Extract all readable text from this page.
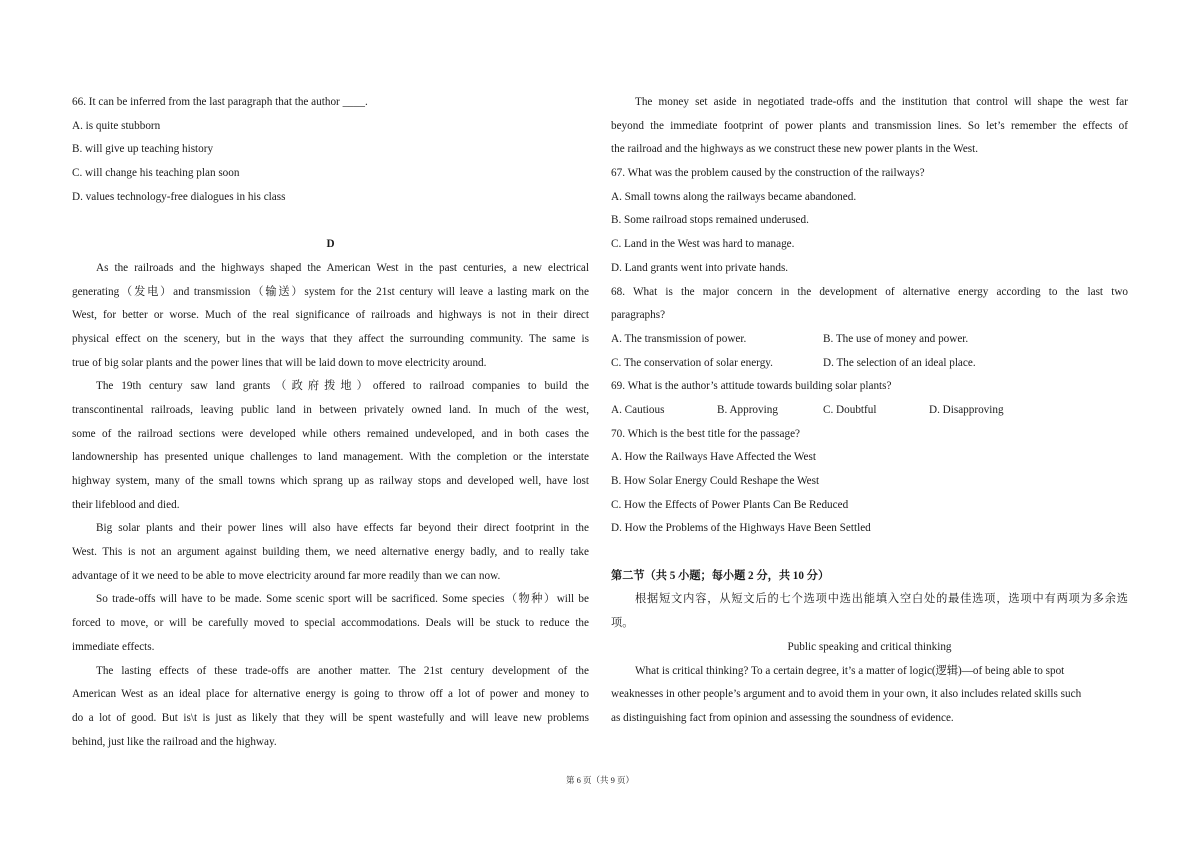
66. It can be inferred from the last paragraph that the author ____.
A. is quite stubborn
B. will give up teaching history
C. will change his teaching plan soon
D. values technology-free dialogues in his class
D
As the railroads and the highways shaped the American West in the past centuries, a new electrical
generating（发电）and transmission（输送）system for the 21st century will leave a lasting mark on the
West, for better or worse. Much of the real significance of railroads and highways is not in their direct
physical effect on the scenery, but in the ways that they affect the surrounding community. The same is
true of big solar plants and the power lines that will be laid down to move electricity around.
The 19th century saw land grants（政府拨地）offered to railroad companies to build the
transcontinental railroads, leaving public land in between privately owned land. In much of the west,
some of the railroad sections were developed while others remained undeveloped, and in both cases the
landownership has presented unique challenges to land management. With the completion or the interstate
highway system, many of the small towns which sprang up as railway stops and developed well, have lost
their lifeblood and died.
Big solar plants and their power lines will also have effects far beyond their direct footprint in the
West. This is not an argument against building them, we need alternative energy badly, and to really take
advantage of it we need to be able to move electricity around far more readily than we can now.
So trade-offs will have to be made. Some scenic sport will be sacrificed. Some species（物种）will be
forced to move, or will be carefully moved to special accommodations. Deals will be stuck to reduce the
immediate effects.
The lasting effects of these trade-offs are another matter. The 21st century development of the
American West as an ideal place for alternative energy is going to throw off a lot of power and money to
do a lot of good. But is\t is just as likely that they will be spent wastefully and will leave new problems
behind, just like the railroad and the highway.
The money set aside in negotiated trade-offs and the institution that control will shape the west far
beyond the immediate footprint of power plants and transmission lines. So let’s remember the effects of
the railroad and the highways as we construct these new power plants in the West.
67. What was the problem caused by the construction of the railways?
A. Small towns along the railways became abandoned.
B. Some railroad stops remained underused.
C. Land in the West was hard to manage.
D. Land grants went into private hands.
68. What is the major concern in the development of alternative energy according to the last two
paragraphs?
A. The transmission of power.	B. The use of money and power.
C. The conservation of solar energy.	D. The selection of an ideal place.
69. What is the author’s attitude towards building solar plants?
A. Cautious	B. Approving	C. Doubtful	D. Disapproving
70. Which is the best title for the passage?
A. How the Railways Have Affected the West
B. How Solar Energy Could Reshape the West
C. How the Effects of Power Plants Can Be Reduced
D. How the Problems of the Highways Have Been Settled
第二节（共 5 小题；每小题 2 分，共 10 分）
根据短文内容，从短文后的七个选项中选出能填入空白处的最佳选项，选项中有两项为多余选
项。
Public speaking and critical thinking
What is critical thinking? To a certain degree, it’s a matter of logic(逻辑)—of being able to spot
weaknesses in other people’s argument and to avoid them in your own, it also includes related skills such
as distinguishing fact from opinion and assessing the soundness of evidence.
第 6 页（共 9 页）
